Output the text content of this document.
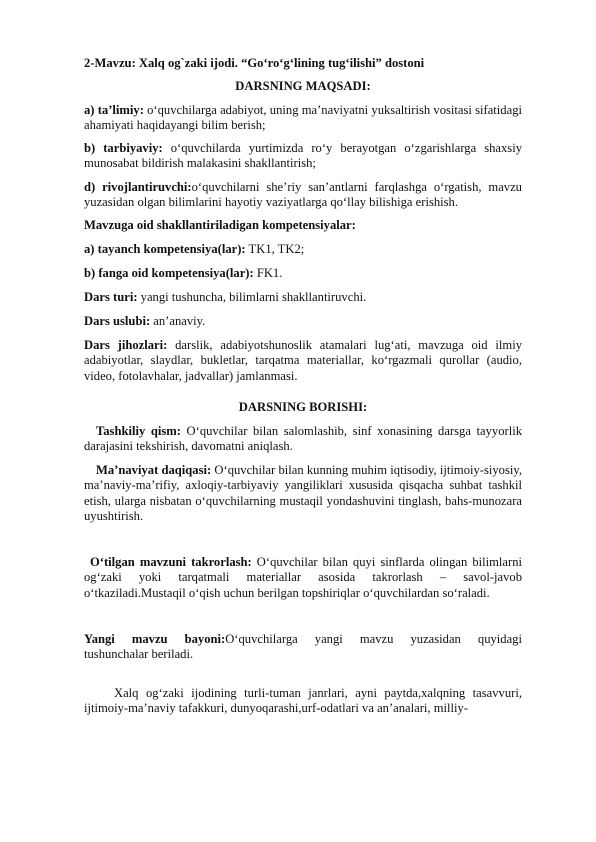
2-Mavzu: Xalq og`zaki ijodi. “Go‘ro‘g‘lining tug‘ilishi” dostoni

DARSNING MAQSADI:

a) ta’limiy: o‘quvchilarga adabiyot, uning ma’naviyatni yuksaltirish vositasi sifatidagi ahamiyati haqidayangi bilim berish;

b) tarbiyaviy: o‘quvchilarda yurtimizda ro‘y berayotgan o‘zgarishlarga shaxsiy munosabat bildirish malakasini shakllantirish;

d) rivojlantiruvchi:o‘quvchilarni she’riy san’antlarni farqlashga o‘rgatish, mavzu yuzasidan olgan bilimlarini hayotiy vaziyatlarga qo‘llay bilishiga erishish.

Mavzuga oid shakllantiriladigan kompetensiyalar:

a) tayanch kompetensiya(lar): TK1, TK2;

b) fanga oid kompetensiya(lar): FK1.

Dars turi: yangi tushuncha, bilimlarni shakllantiruvchi.

Dars uslubi: an’anaviy.

Dars jihozlari: darslik, adabiyotshunoslik atamalari lug‘ati, mavzuga oid ilmiy adabiyotlar, slaydlar, bukletlar, tarqatma materiallar, ko‘rgazmali qurollar (audio, video, fotolavhalar, jadvallar) jamlanmasi.

DARSNING BORISHI:

Tashkiliy qism: O‘quvchilar bilan salomlashib, sinf xonasining darsga tayyorlik darajasini tekshirish, davomatni aniqlash.

Ma’naviyat daqiqasi: O‘quvchilar bilan kunning muhim iqtisodiy, ijtimoiy-siyosiy, ma’naviy-ma’rifiy, axloqiy-tarbiyaviy yangiliklari xususida qisqacha suhbat tashkil etish, ularga nisbatan o‘quvchilarning mustaqil yondashuvini tinglash, bahs-munozara uyushtirish.

O‘tilgan mavzuni takrorlash: O‘quvchilar bilan quyi sinflarda olingan bilimlarni og‘zaki yoki tarqatmali materiallar asosida takrorlash – savol-javob o‘tkaziladi.Mustaqil o‘qish uchun berilgan topshiriqlar o‘quvchilardan so‘raladi.

Yangi mavzu bayoni:O‘quvchilarga yangi mavzu yuzasidan quyidagi
tushunchalar beriladi.

Xalq og‘zaki ijodining turli-tuman janrlari, ayni paytda,xalqning tasavvuri, ijtimoiy-ma’naviy tafakkuri, dunyoqarashi,urf-odatlari va an’analari, milliy-
